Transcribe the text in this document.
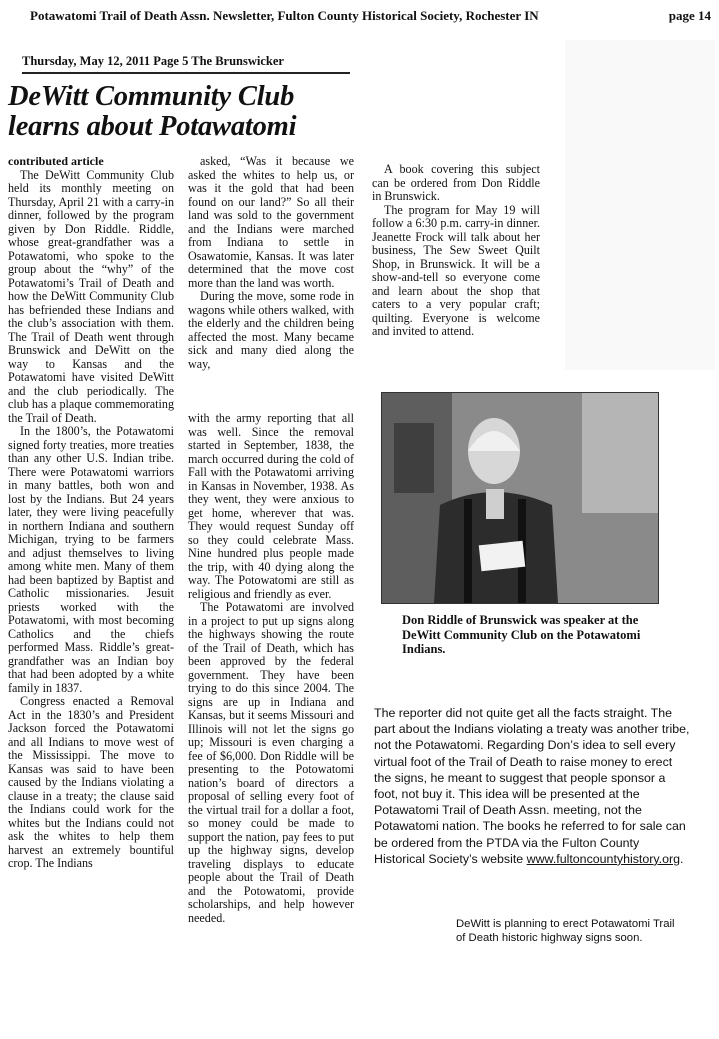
Potawatomi Trail of Death Assn. Newsletter, Fulton County Historical Society, Rochester IN	page 14
Thursday, May 12, 2011 Page 5 The Brunswicker
DeWitt Community Club
learns about Potawatomi

contributed article

The DeWitt Community Club held its monthly meeting on Thursday, April 21 with a carry-in dinner, followed by the program given by Don Riddle. Riddle, whose great-grandfather was a Potawatomi, who spoke to the group about the “why” of the Potawatomi’s Trail of Death and how the DeWitt Community Club has befriended these Indians and the club’s association with them. The Trail of Death went through Brunswick and DeWitt on the way to Kansas and the Potawatomi have visited DeWitt and the club periodically. The club has a plaque commemorating the Trail of Death.

In the 1800’s, the Potawatomi signed forty treaties, more treaties than any other U.S. Indian tribe. There were Potawatomi warriors in many battles, both won and lost by the Indians. But 24 years later, they were living peacefully in northern Indiana and southern Michigan, trying to be farmers and adjust themselves to living among white men. Many of them had been baptized by Baptist and Catholic missionaries. Jesuit priests worked with the Potawatomi, with most becoming Catholics and the chiefs performed Mass. Riddle’s great-grandfather was an Indian boy that had been adopted by a white family in 1837.

Congress enacted a Removal Act in the 1830’s and President Jackson forced the Potawatomi and all Indians to move west of the Mississippi. The move to Kansas was said to have been caused by the Indians violating a clause in a treaty; the clause said the Indians could work for the whites but the Indians could not ask the whites to help them harvest an extremely bountiful crop. The Indians

asked, “Was it because we asked the whites to help us, or was it the gold that had been found on our land?” So all their land was sold to the government and the Indians were marched from Indiana to settle in Osawatomie, Kansas. It was later determined that the move cost more than the land was worth.

During the move, some rode in wagons while others walked, with the elderly and the children being affected the most. Many became sick and many died along the way,

with the army reporting that all was well. Since the removal started in September, 1838, the march occurred during the cold of Fall with the Potawatomi arriving in Kansas in November, 1938. As they went, they were anxious to get home, wherever that was. They would request Sunday off so they could celebrate Mass. Nine hundred plus people made the trip, with 40 dying along the way. The Potowatomi are still as religious and friendly as ever.

The Potawatomi are involved in a project to put up signs along the highways showing the route of the Trail of Death, which has been approved by the federal government. They have been trying to do this since 2004. The signs are up in Indiana and Kansas, but it seems Missouri and Illinois will not let the signs go up; Missouri is even charging a fee of $6,000. Don Riddle will be presenting to the Potowatomi nation’s board of directors a proposal of selling every foot of the virtual trail for a dollar a foot, so money could be made to support the nation, pay fees to put up the highway signs, develop traveling displays to educate people about the Trail of Death and the Potowatomi, provide scholarships, and help however needed.

A book covering this subject can be ordered from Don Riddle in Brunswick.

The program for May 19 will follow a 6:30 p.m. carry-in dinner. Jeanette Frock will talk about her business, The Sew Sweet Quilt Shop, in Brunswick. It will be a show-and-tell so everyone come and learn about the shop that caters to a very popular craft; quilting. Everyone is welcome and invited to attend.

Don Riddle of Brunswick was speaker at the DeWitt Community Club on the Potawatomi Indians.
The reporter did not quite get all the facts straight. The part about the Indians violating a treaty was another tribe, not the Potawatomi. Regarding Don’s idea to sell every virtual foot of the Trail of Death to raise money to erect the signs, he meant to suggest that people sponsor a foot, not buy it. This idea will be presented at the Potawatomi Trail of Death Assn. meeting, not the Potawatomi nation. The books he referred to for sale can be ordered from the PTDA via the Fulton County Historical Society’s website www.fultoncountyhistory.org.
DeWitt is planning to erect Potawatomi Trail of Death historic highway signs soon.
